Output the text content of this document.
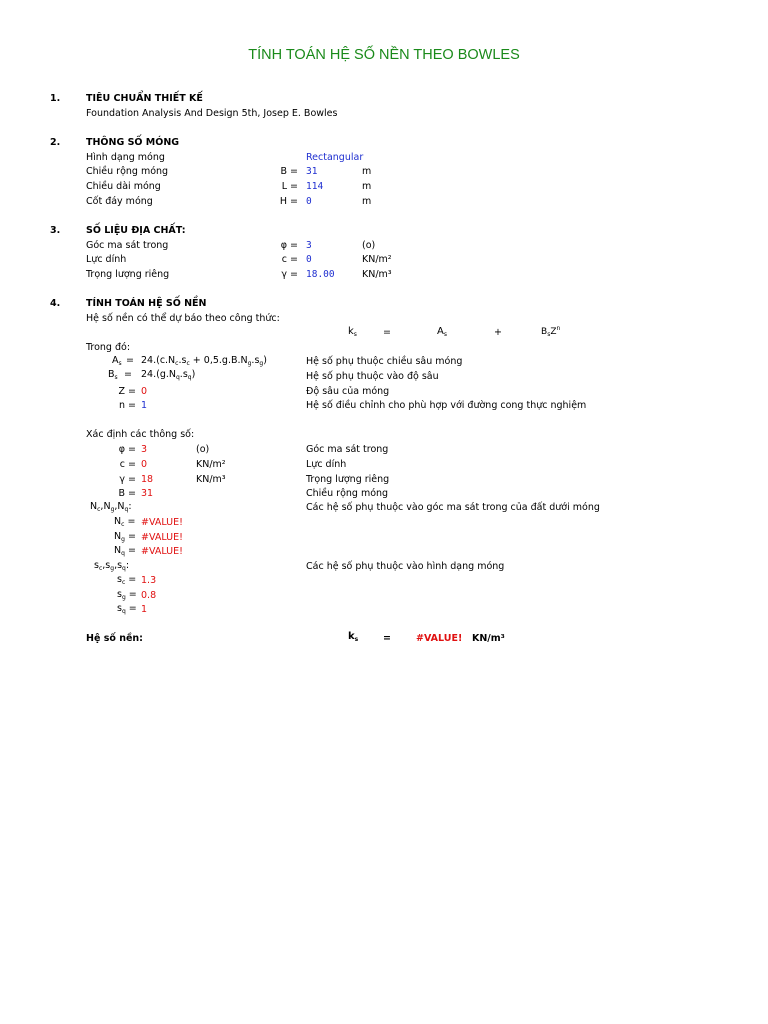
TÍNH TOÁN HỆ SỐ NỀN THEO BOWLES
1.	TIÊU CHUẨN THIẾT KẾ
Foundation Analysis And Design 5th, Josep E. Bowles
2.	THÔNG SỐ MÓNG
Hình dạng móng	Rectangular
Chiều rộng móng	B = 31	m
Chiều dài móng	L = 114	m
Cốt đáy móng	H = 0	m
3.	SỐ LIỆU ĐỊA CHẤT:
Góc ma sát trong	φ = 3	(o)
Lực dính	c = 0	KN/m²
Trọng lượng riêng	γ = 18.00	KN/m³
4.	TÍNH TOÁN HỆ SỐ NỀN
Hệ số nền có thể dự báo theo công thức:
$k_s$	=	$A_s$	+	$B_sZ^n$
Trong đó:
$A_s = 24.(c.N_c.s_c + 0,5.g.B.N_g.s_g)$	Hệ số phụ thuộc chiều sâu móng
$B_s = 24.(g.N_q.s_q)$	Hệ số phụ thuộc vào độ sâu
Z = 0	Độ sâu của móng
n = 1	Hệ số điều chỉnh cho phù hợp với đường cong thực nghiệm
Xác định các thông số:
φ = 3	(o)	Góc ma sát trong
c = 0	KN/m²	Lực dính
γ = 18	KN/m³	Trọng lượng riêng
B = 31	Chiều rộng móng
$N_c,N_g,N_q$:	Các hệ số phụ thuộc vào góc ma sát trong của đất dưới móng
$N_c$ = #VALUE!
$N_g$ = #VALUE!
$N_q$ = #VALUE!
$s_c,s_g,s_q$:	Các hệ số phụ thuộc vào hình dạng móng
$s_c = 1.3$
$s_g = 0.8$
$s_q = 1$
Hệ số nền:	$k_s$	=	#VALUE! KN/m³
